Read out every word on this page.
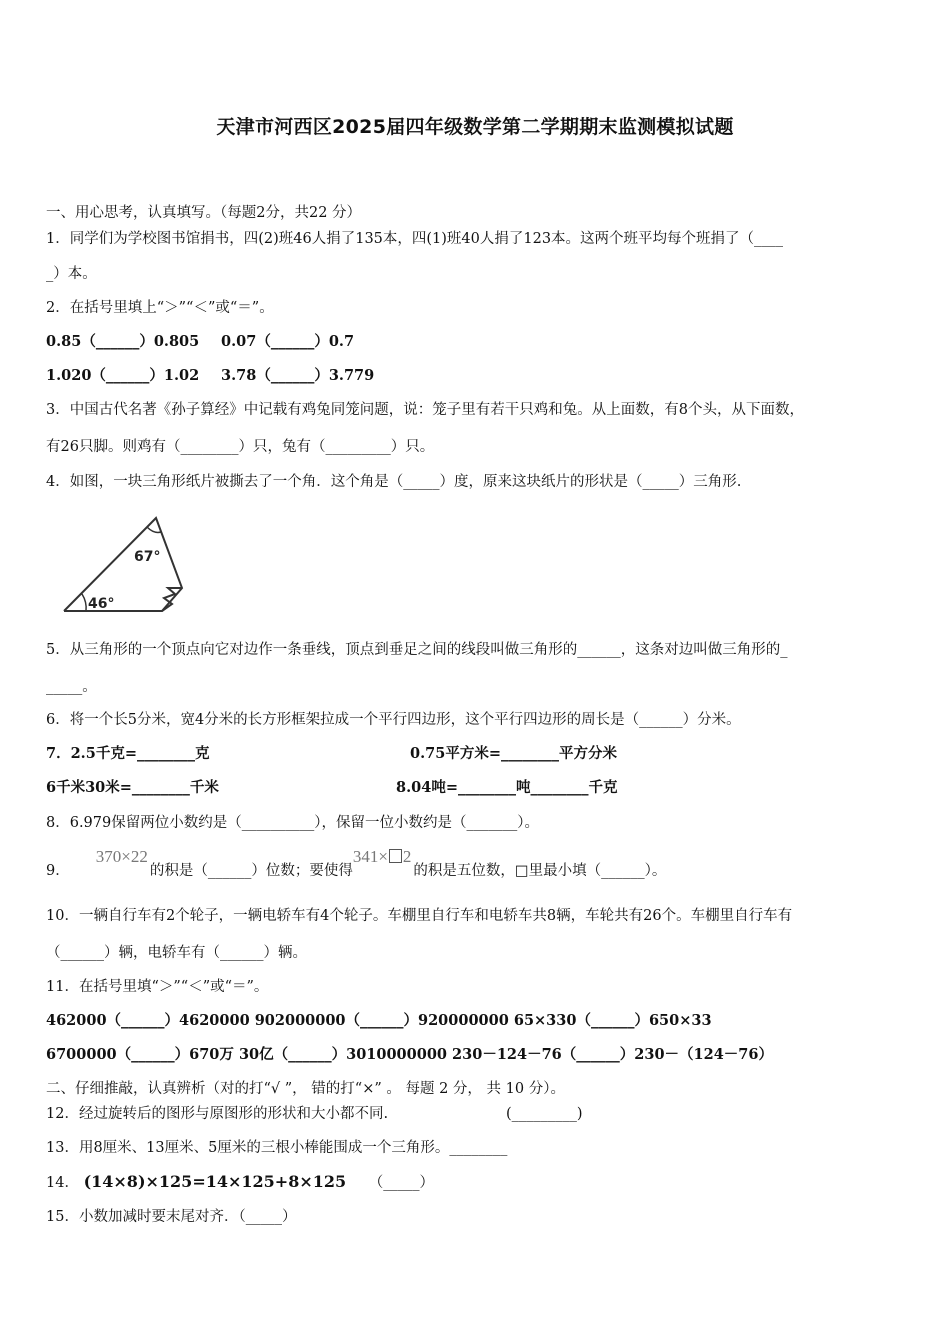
天津市河西区2025届四年级数学第二学期期末监测模拟试题
一、用心思考，认真填写。（每题2分，共22 分）
1．同学们为学校图书馆捐书，四(2)班46人捐了135本，四(1)班40人捐了123本。这两个班平均每个班捐了（____
_）本。
2．在括号里填上“＞”“＜”或“＝”。
0.85（______）0.805 0.07（______）0.7
1.020（______）1.02 3.78（______）3.779
3．中国古代名著《孙子算经》中记载有鸡兔同笼问题，说：笼子里有若干只鸡和兔。从上面数，有8个头，从下面数，
有26只脚。则鸡有（________）只，兔有（_________）只。
4．如图，一块三角形纸片被撕去了一个角．这个角是（_____）度，原来这块纸片的形状是（_____）三角形.
67°
46°
5．从三角形的一个顶点向它对边作一条垂线，顶点到垂足之间的线段叫做三角形的______，这条对边叫做三角形的_
_____。
6．将一个长5分米，宽4分米的长方形框架拉成一个平行四边形，这个平行四边形的周长是（______）分米。
7．2.5千克=________克	0.75平方米=________平方分米
6千米30米=________千米	8.04吨=________吨________千克
8．6.979保留两位小数约是（__________），保留一位小数约是（_______）。
9．370×22的积是（______）位数；要使得341× 2的积是五位数，□里最小填（______）。
10．一辆自行车有2个轮子，一辆电轿车有4个轮子。车棚里自行车和电轿车共8辆，车轮共有26个。车棚里自行车有
（______）辆，电轿车有（______）辆。
11．在括号里填“＞”“＜”或“＝”。
462000（______）4620000 902000000（______）920000000 65×330（______）650×33
6700000（______）670万 30亿（______）3010000000 230－124－76（______）230－（124－76）
二、仔细推敲，认真辨析（对的打“√ ”， 错的打“×” 。 每题 2 分， 共 10 分）。
12．经过旋转后的图形与原图形的形状和大小都不同.	(_________)
13．用8厘米、13厘米、5厘米的三根小棒能围成一个三角形。________
14． (14×8)×125=14×125+8×125 （_____）
15．小数加减时要末尾对齐．（_____）
